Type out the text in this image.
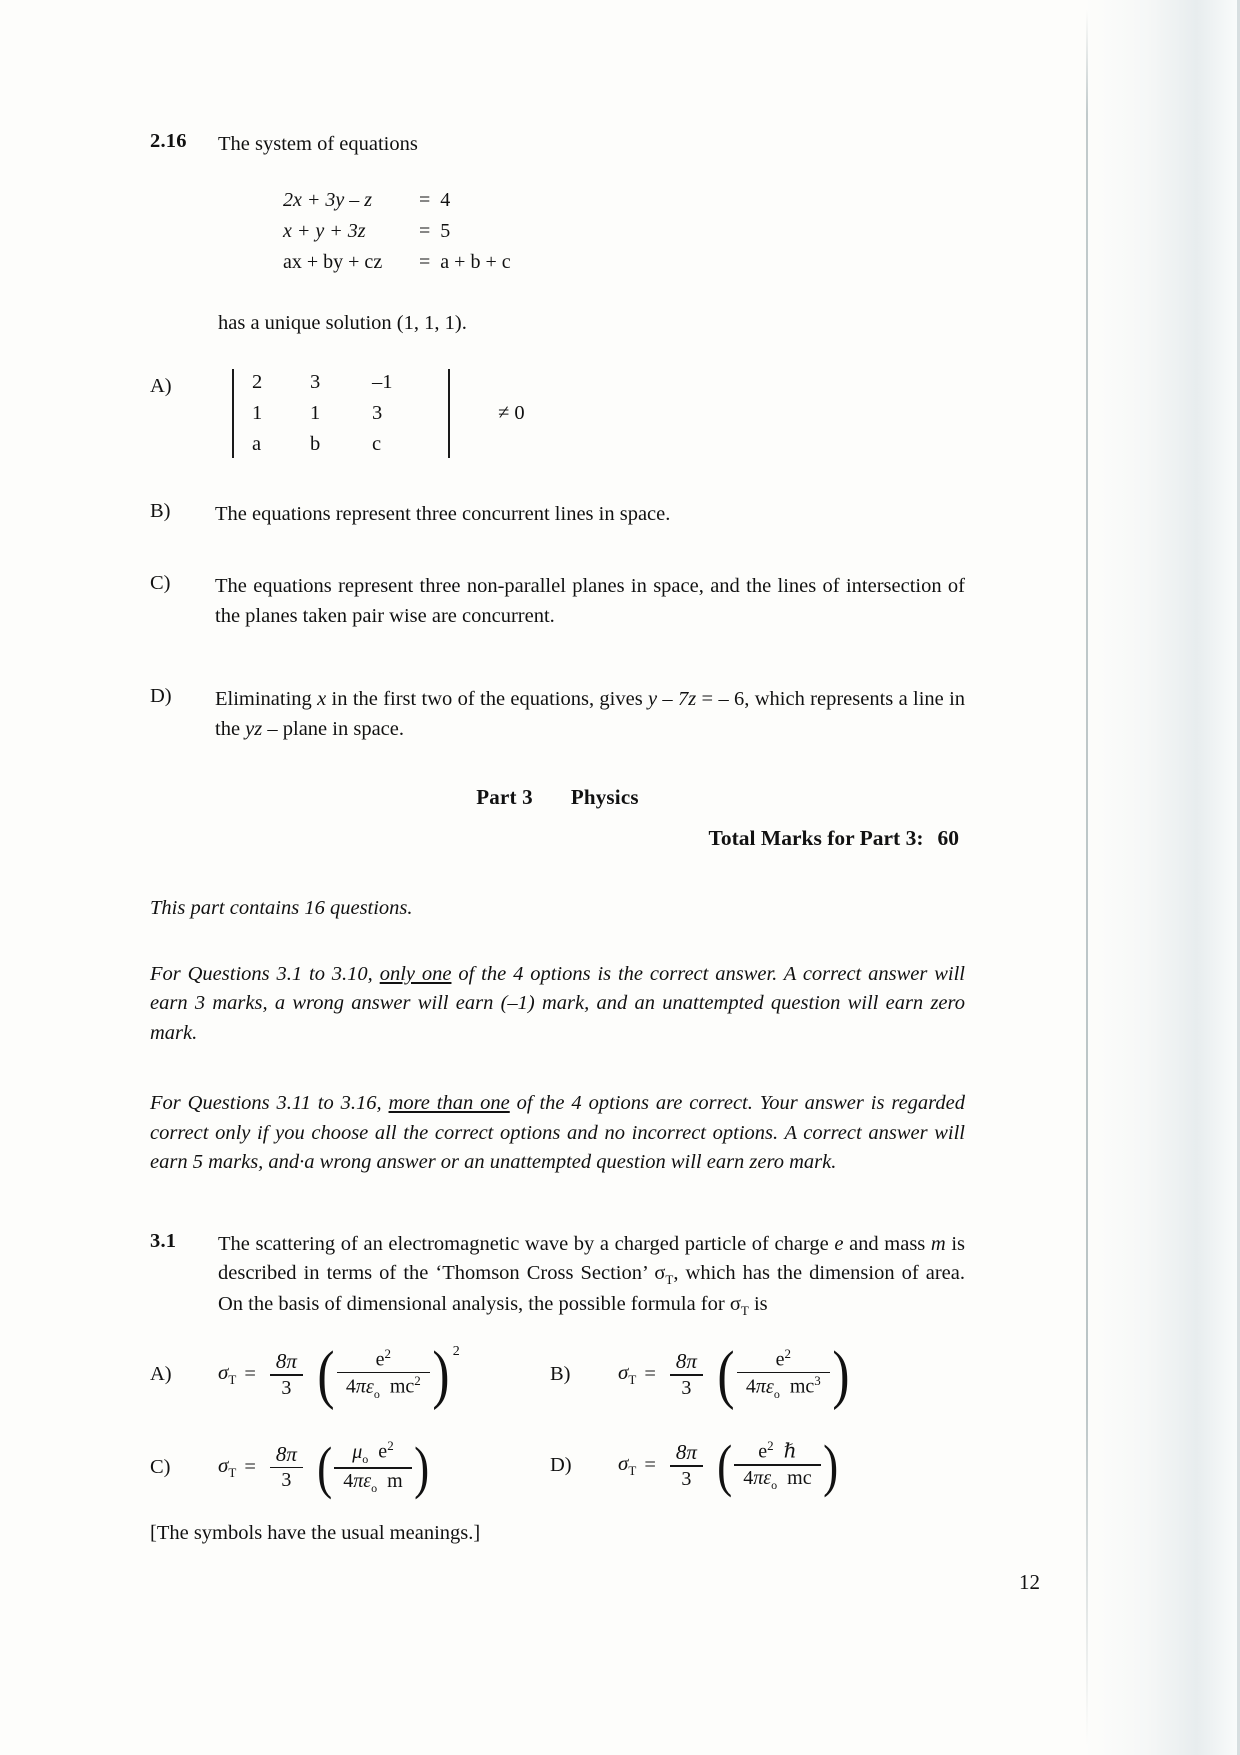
2.16	The system of equations
2x + 3y – z =  4
x + y + 3z	=  5
ax + by + cz =  a + b + c
has a unique solution (1, 1, 1).
A)	2	3	–1
1	1	3
a	b	c
≠ 0
B)	The equations represent three concurrent lines in space.
C)	The equations represent three non-parallel planes in space, and the lines of intersection of the planes taken pair wise are concurrent.
D)	Eliminating x in the first two of the equations, gives y – 7z = – 6, which represents a line in the yz – plane in space.
Part 3 Physics
Total Marks for Part 3: 60
This part contains 16 questions.
For Questions 3.1 to 3.10, only one of the 4 options is the correct answer. A correct answer will earn 3 marks, a wrong answer will earn (–1) mark, and an unattempted question will earn zero mark.
For Questions 3.11 to 3.16, more than one of the 4 options are correct. Your answer is regarded correct only if you choose all the correct options and no incorrect options. A correct answer will earn 5 marks, and·a wrong answer or an unattempted question will earn zero mark.
3.1	The scattering of an electromagnetic wave by a charged particle of charge e and mass m is described in terms of the ‘Thomson Cross Section’ $\sigma_T$, which has the dimension of area. On the basis of dimensional analysis, the possible formula for $\sigma_T$ is
A)	$\sigma_T = \frac{8\pi}{3}$ ( $\frac{e^2}{4\pi\varepsilon_o mc^2}$ ) 2
B)	$\sigma_T = \frac{8\pi}{3}$ ( $\frac{e^2}{4\pi\varepsilon_o mc^3}$ )
C)	$\sigma_T = \frac{8\pi}{3}$ ( $\frac{\mu_o e^2}{4\pi\varepsilon_o m}$ )	D)	$\sigma_T = \frac{8\pi}{3}$ ( $\frac{e^2 \hbar}{4\pi\varepsilon_o mc}$ )
[The symbols have the usual meanings.]
12
